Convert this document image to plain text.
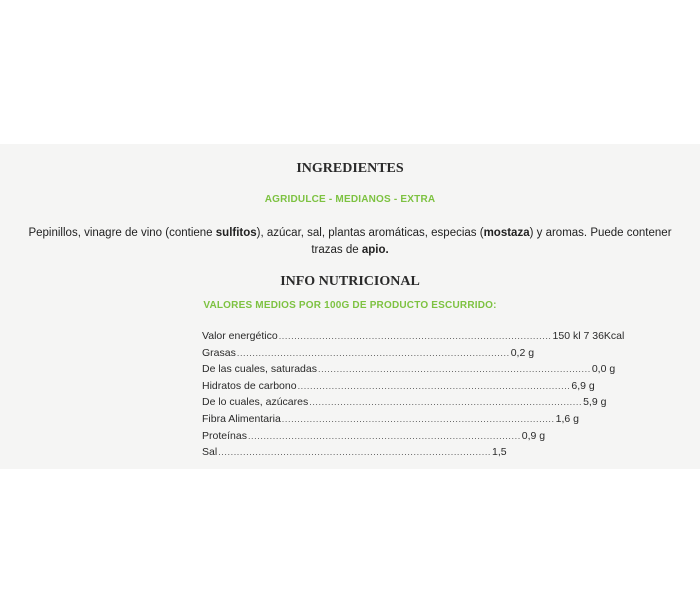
INGREDIENTES
AGRIDULCE - MEDIANOS - EXTRA
Pepinillos, vinagre de vino (contiene sulfitos), azúcar, sal, plantas aromáticas, especias (mostaza) y aromas. Puede contener trazas de apio.
INFO NUTRICIONAL
VALORES MEDIOS POR 100G DE PRODUCTO ESCURRIDO:
Valor energético ........................................................................................ 150 kl 7 36Kcal
Grasas ........................................................................................ 0,2 g
De las cuales, saturadas ........................................................................................ 0,0 g
Hidratos de carbono ........................................................................................ 6,9 g
De lo cuales, azúcares ........................................................................................ 5,9 g
Fibra Alimentaria ........................................................................................ 1,6 g
Proteínas ........................................................................................ 0,9 g
Sal ........................................................................................ 1,5
